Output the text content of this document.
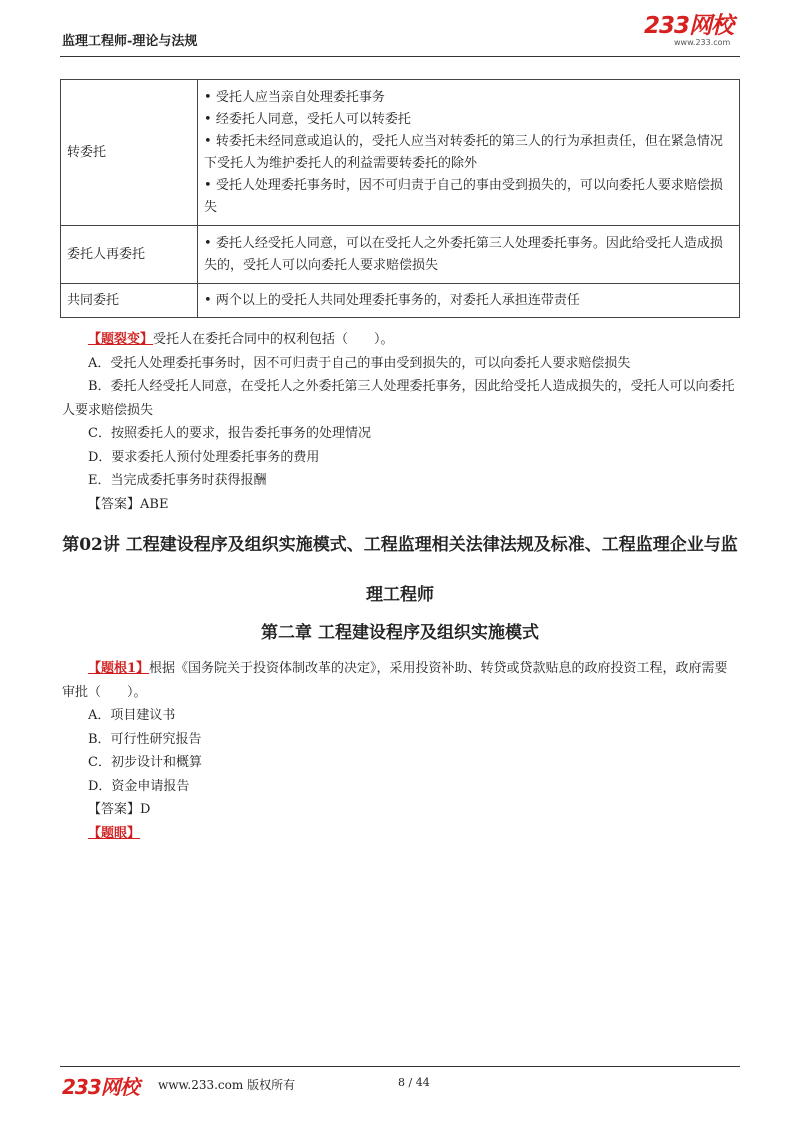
监理工程师-理论与法规
233网校
www.233.com
转委托	• 受托人应当亲自处理委托事务
• 经委托人同意，受托人可以转委托
• 转委托未经同意或追认的，受托人应当对转委托的第三人的行为承担责任，但在紧急情况下受托人为维护委托人的利益需要转委托的除外
• 受托人处理委托事务时，因不可归责于自己的事由受到损失的，可以向委托人要求赔偿损失

委托人再委托	• 委托人经受托人同意，可以在受托人之外委托第三人处理委托事务。因此给受托人造成损失的，受托人可以向委托人要求赔偿损失

共同委托	• 两个以上的受托人共同处理委托事务的，对委托人承担连带责任
【题裂变】受托人在委托合同中的权利包括（　　）。
A．受托人处理委托事务时，因不可归责于自己的事由受到损失的，可以向委托人要求赔偿损失
B．委托人经受托人同意，在受托人之外委托第三人处理委托事务，因此给受托人造成损失的，受托人可以向委托人要求赔偿损失
C．按照委托人的要求，报告委托事务的处理情况
D．要求委托人预付处理委托事务的费用
E．当完成委托事务时获得报酬
【答案】ABE
第02讲 工程建设程序及组织实施模式、工程监理相关法律法规及标准、工程监理企业与监理工程师
第二章 工程建设程序及组织实施模式
【题根1】根据《国务院关于投资体制改革的决定》，采用投资补助、转贷或贷款贴息的政府投资工程，政府需要审批（　　）。
A．项目建议书
B．可行性研究报告
C．初步设计和概算
D．资金申请报告
【答案】D
【题眼】
233网校 www.233.com 版权所有	8 / 44
